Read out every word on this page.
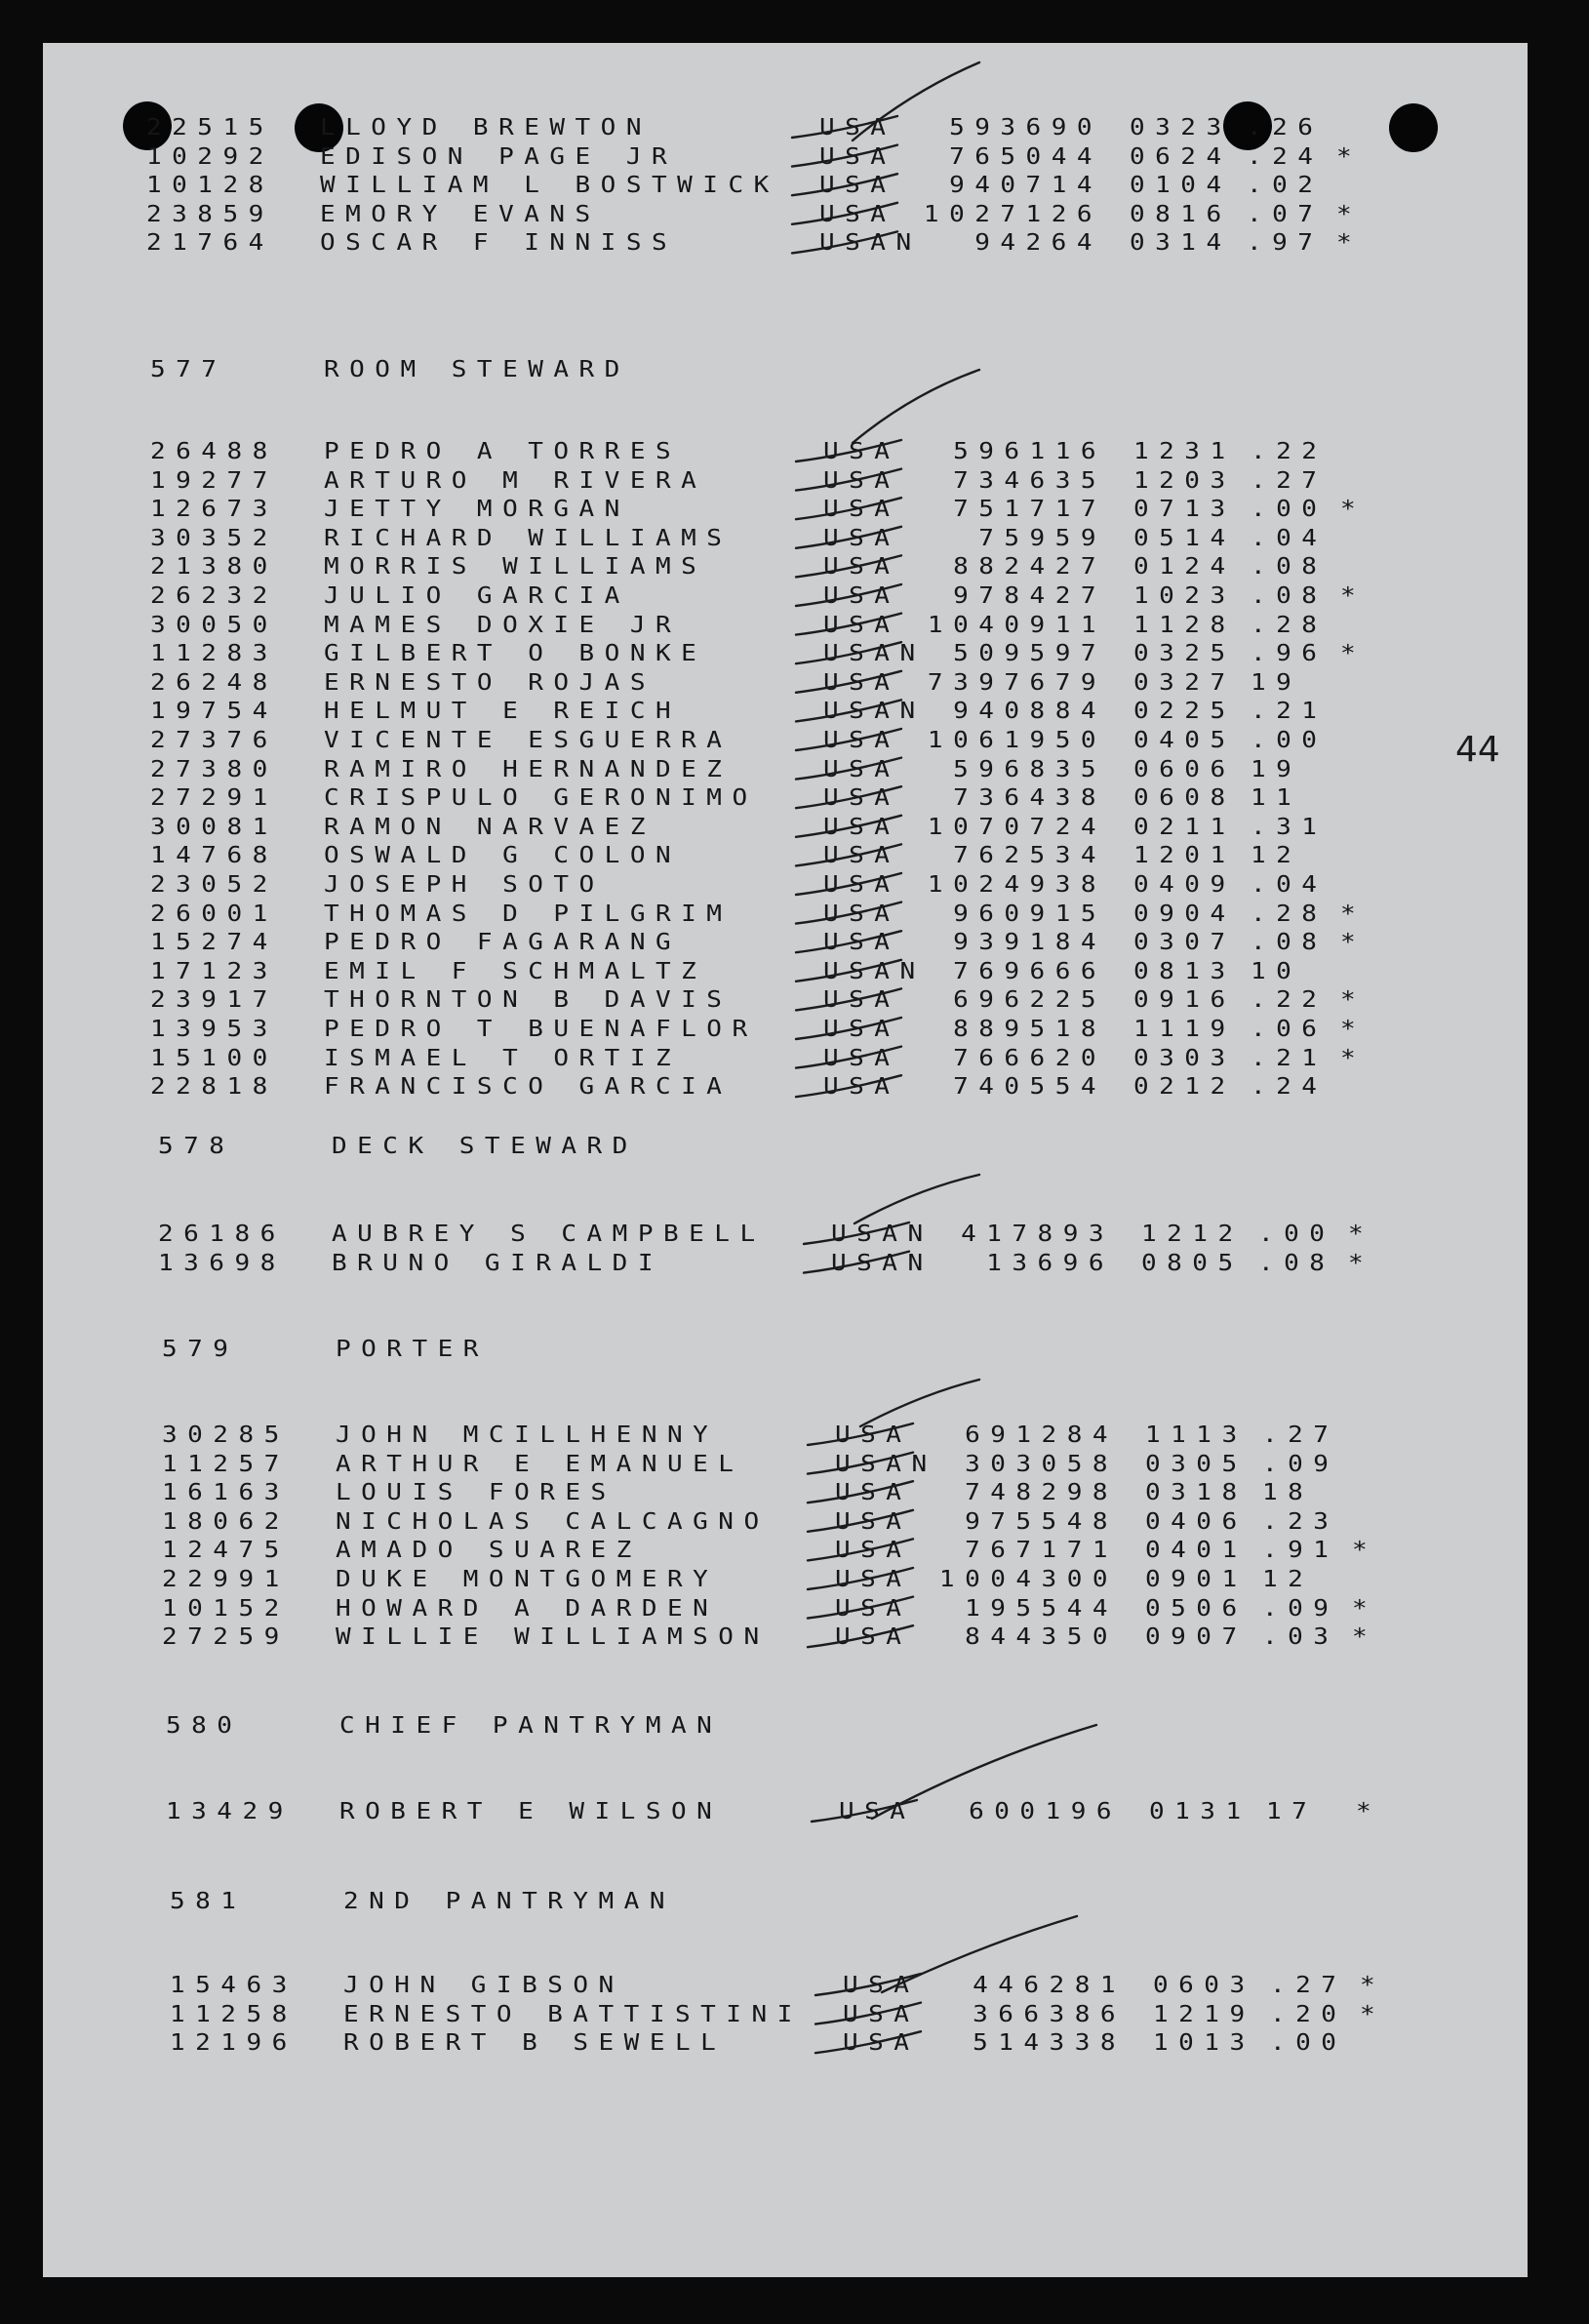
22515 LLOYD BREWTON	USA	593690 0323 .26
10292 EDISON PAGE JR	USA	765044 0624 .24 *
10128 WILLIAM L BOSTWICK USA	940714 0104 .02
23859 EMORY EVANS	USA 1027126 0816 .07 *
21764 OSCAR F INNISS	USAN	94264 0314 .97 *
577	ROOM STEWARD
26488 PEDRO A TORRES	USA	596116 1231 .22
19277 ARTURO M RIVERA	USA	734635 1203 .27
12673 JETTY MORGAN	USA	751717 0713 .00 *
30352 RICHARD WILLIAMS	USA	75959 0514 .04
21380 MORRIS WILLIAMS	USA	882427 0124 .08
26232 JULIO GARCIA	USA	978427 1023 .08 *
30050 MAMES DOXIE JR	USA 1040911 1128 .28
11283 GILBERT O BONKE	USAN	509597 0325 .96 *
26248 ERNESTO ROJAS	USA 7397679 0327 19
19754 HELMUT E REICH	USAN	940884 0225 .21
27376 VICENTE ESGUERRA	USA 1061950 0405 .00
27380 RAMIRO HERNANDEZ	USA	596835 0606 19
27291 CRISPULO GERONIMO	USA	736438 0608 11
30081 RAMON NARVAEZ	USA 1070724 0211 .31
14768 OSWALD G COLON	USA	762534 1201 12
23052 JOSEPH SOTO	USA 1024938 0409 .04
26001 THOMAS D PILGRIM	USA	960915 0904 .28 *
15274 PEDRO FAGARANG	USA	939184 0307 .08 *
17123 EMIL F SCHMALTZ	USAN	769666 0813 10
23917 THORNTON B DAVIS	USA	696225 0916 .22 *
13953 PEDRO T BUENAFLOR	USA	889518 1119 .06 *
15100 ISMAEL T ORTIZ	USA	766620 0303 .21 *
22818 FRANCISCO GARCIA	USA	740554 0212 .24
578	DECK STEWARD
26186 AUBREY S CAMPBELL	USAN	417893 1212 .00 *
13698 BRUNO GIRALDI	USAN	13696 0805 .08 *
579	PORTER
30285 JOHN MCILLHENNY	USA	691284 1113 .27
11257 ARTHUR E EMANUEL	USAN	303058 0305 .09
16163 LOUIS FORES	USA	748298 0318 18
18062 NICHOLAS CALCAGNO	USA	975548 0406 .23
12475 AMADO SUAREZ	USA	767171 0401 .91 *
22991 DUKE MONTGOMERY	USA 1004300 0901 12
10152 HOWARD A DARDEN	USA	195544 0506 .09 *
27259 WILLIE WILLIAMSON	USA	844350 0907 .03 *
580	CHIEF PANTRYMAN
13429 ROBERT E WILSON	USA	600196 0131 17 *
581	2ND PANTRYMAN
15463 JOHN GIBSON	USA	446281 0603 .27 *
11258 ERNESTO BATTISTINI USA	366386 1219 .20 *
12196 ROBERT B SEWELL	USA	514338 1013 .00
44
